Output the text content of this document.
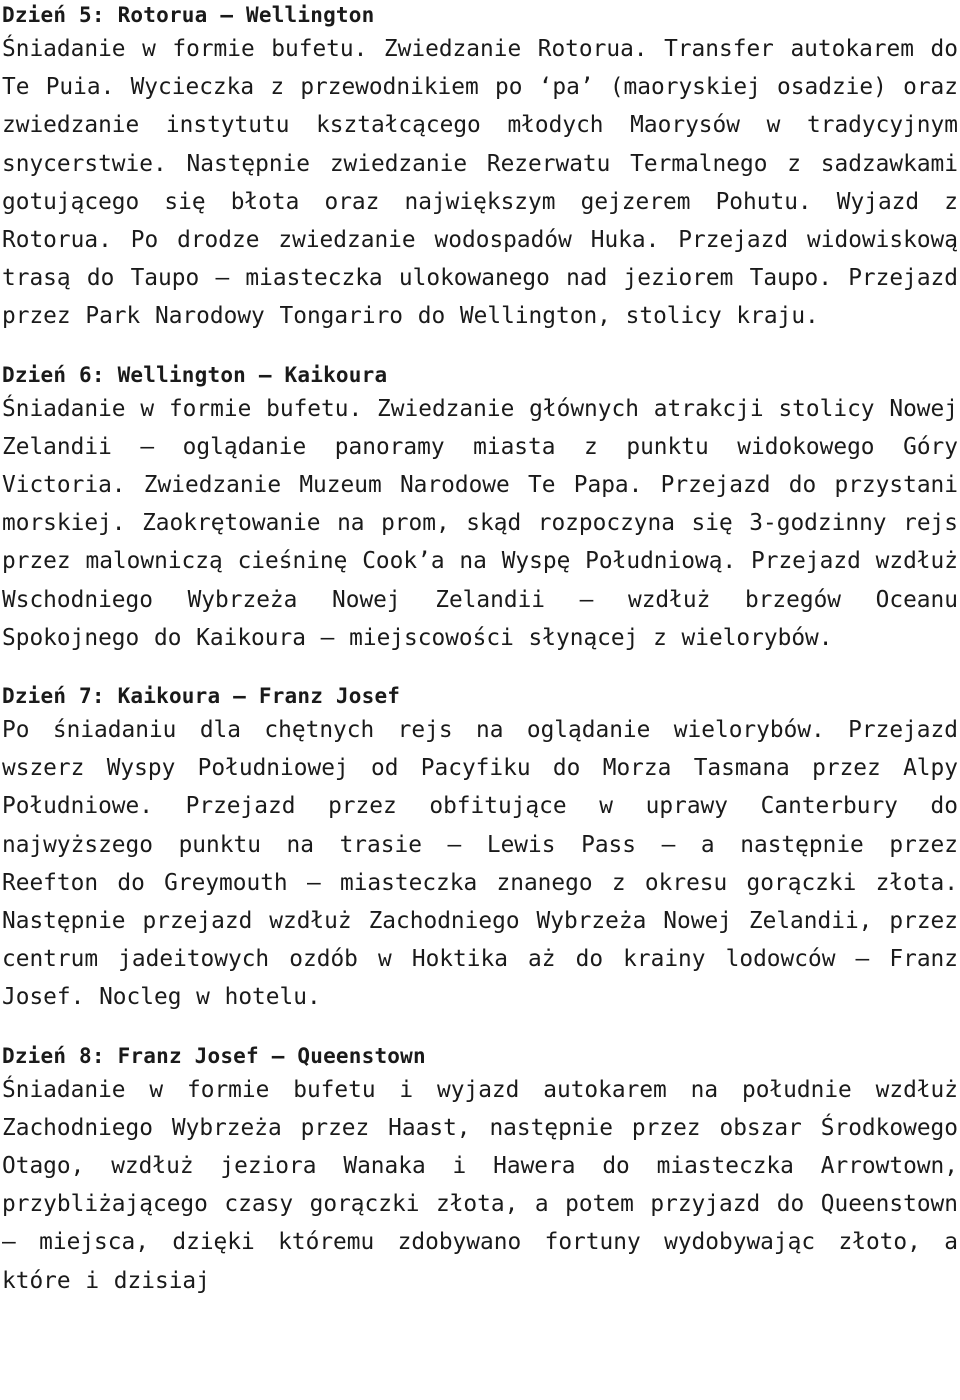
Dzień 5: Rotorua – Wellington

Śniadanie w formie bufetu. Zwiedzanie Rotorua. Transfer autokarem do Te Puia. Wycieczka z przewodnikiem po ‘pa’ (maoryskiej osadzie) oraz zwiedzanie instytutu kształcącego młodych Maorysów w tradycyjnym snycerstwie. Następnie zwiedzanie Rezerwatu Termalnego z sadzawkami gotującego się błota oraz największym gejzerem Pohutu. Wyjazd z Rotorua. Po drodze zwiedzanie wodospadów Huka. Przejazd widowiskową trasą do Taupo – miasteczka ulokowanego nad jeziorem Taupo. Przejazd przez Park Narodowy Tongariro do Wellington, stolicy kraju.

Dzień 6: Wellington – Kaikoura

Śniadanie w formie bufetu. Zwiedzanie głównych atrakcji stolicy Nowej Zelandii – oglądanie panoramy miasta z punktu widokowego Góry Victoria. Zwiedzanie Muzeum Narodowe Te Papa. Przejazd do przystani morskiej. Zaokrętowanie na prom, skąd rozpoczyna się 3-godzinny rejs przez malowniczą cieśninę Cook’a na Wyspę Południową. Przejazd wzdłuż Wschodniego Wybrzeża Nowej Zelandii – wzdłuż brzegów Oceanu Spokojnego do Kaikoura – miejscowości słynącej z wielorybów.

Dzień 7: Kaikoura – Franz Josef

Po śniadaniu dla chętnych rejs na oglądanie wielorybów. Przejazd wszerz Wyspy Południowej od Pacyfiku do Morza Tasmana przez Alpy Południowe. Przejazd przez obfitujące w uprawy Canterbury do najwyższego punktu na trasie – Lewis Pass – a następnie przez Reefton do Greymouth – miasteczka znanego z okresu gorączki złota. Następnie przejazd wzdłuż Zachodniego Wybrzeża Nowej Zelandii, przez centrum jadeitowych ozdób w Hoktika aż do krainy lodowców – Franz Josef. Nocleg w hotelu.

Dzień 8: Franz Josef – Queenstown

Śniadanie w formie bufetu i wyjazd autokarem na południe wzdłuż Zachodniego Wybrzeża przez Haast, następnie przez obszar Środkowego Otago, wzdłuż jeziora Wanaka i Hawera do miasteczka Arrowtown, przybliżającego czasy gorączki złota, a potem przyjazd do Queenstown – miejsca, dzięki któremu zdobywano fortuny wydobywając złoto, a które i dzisiaj
